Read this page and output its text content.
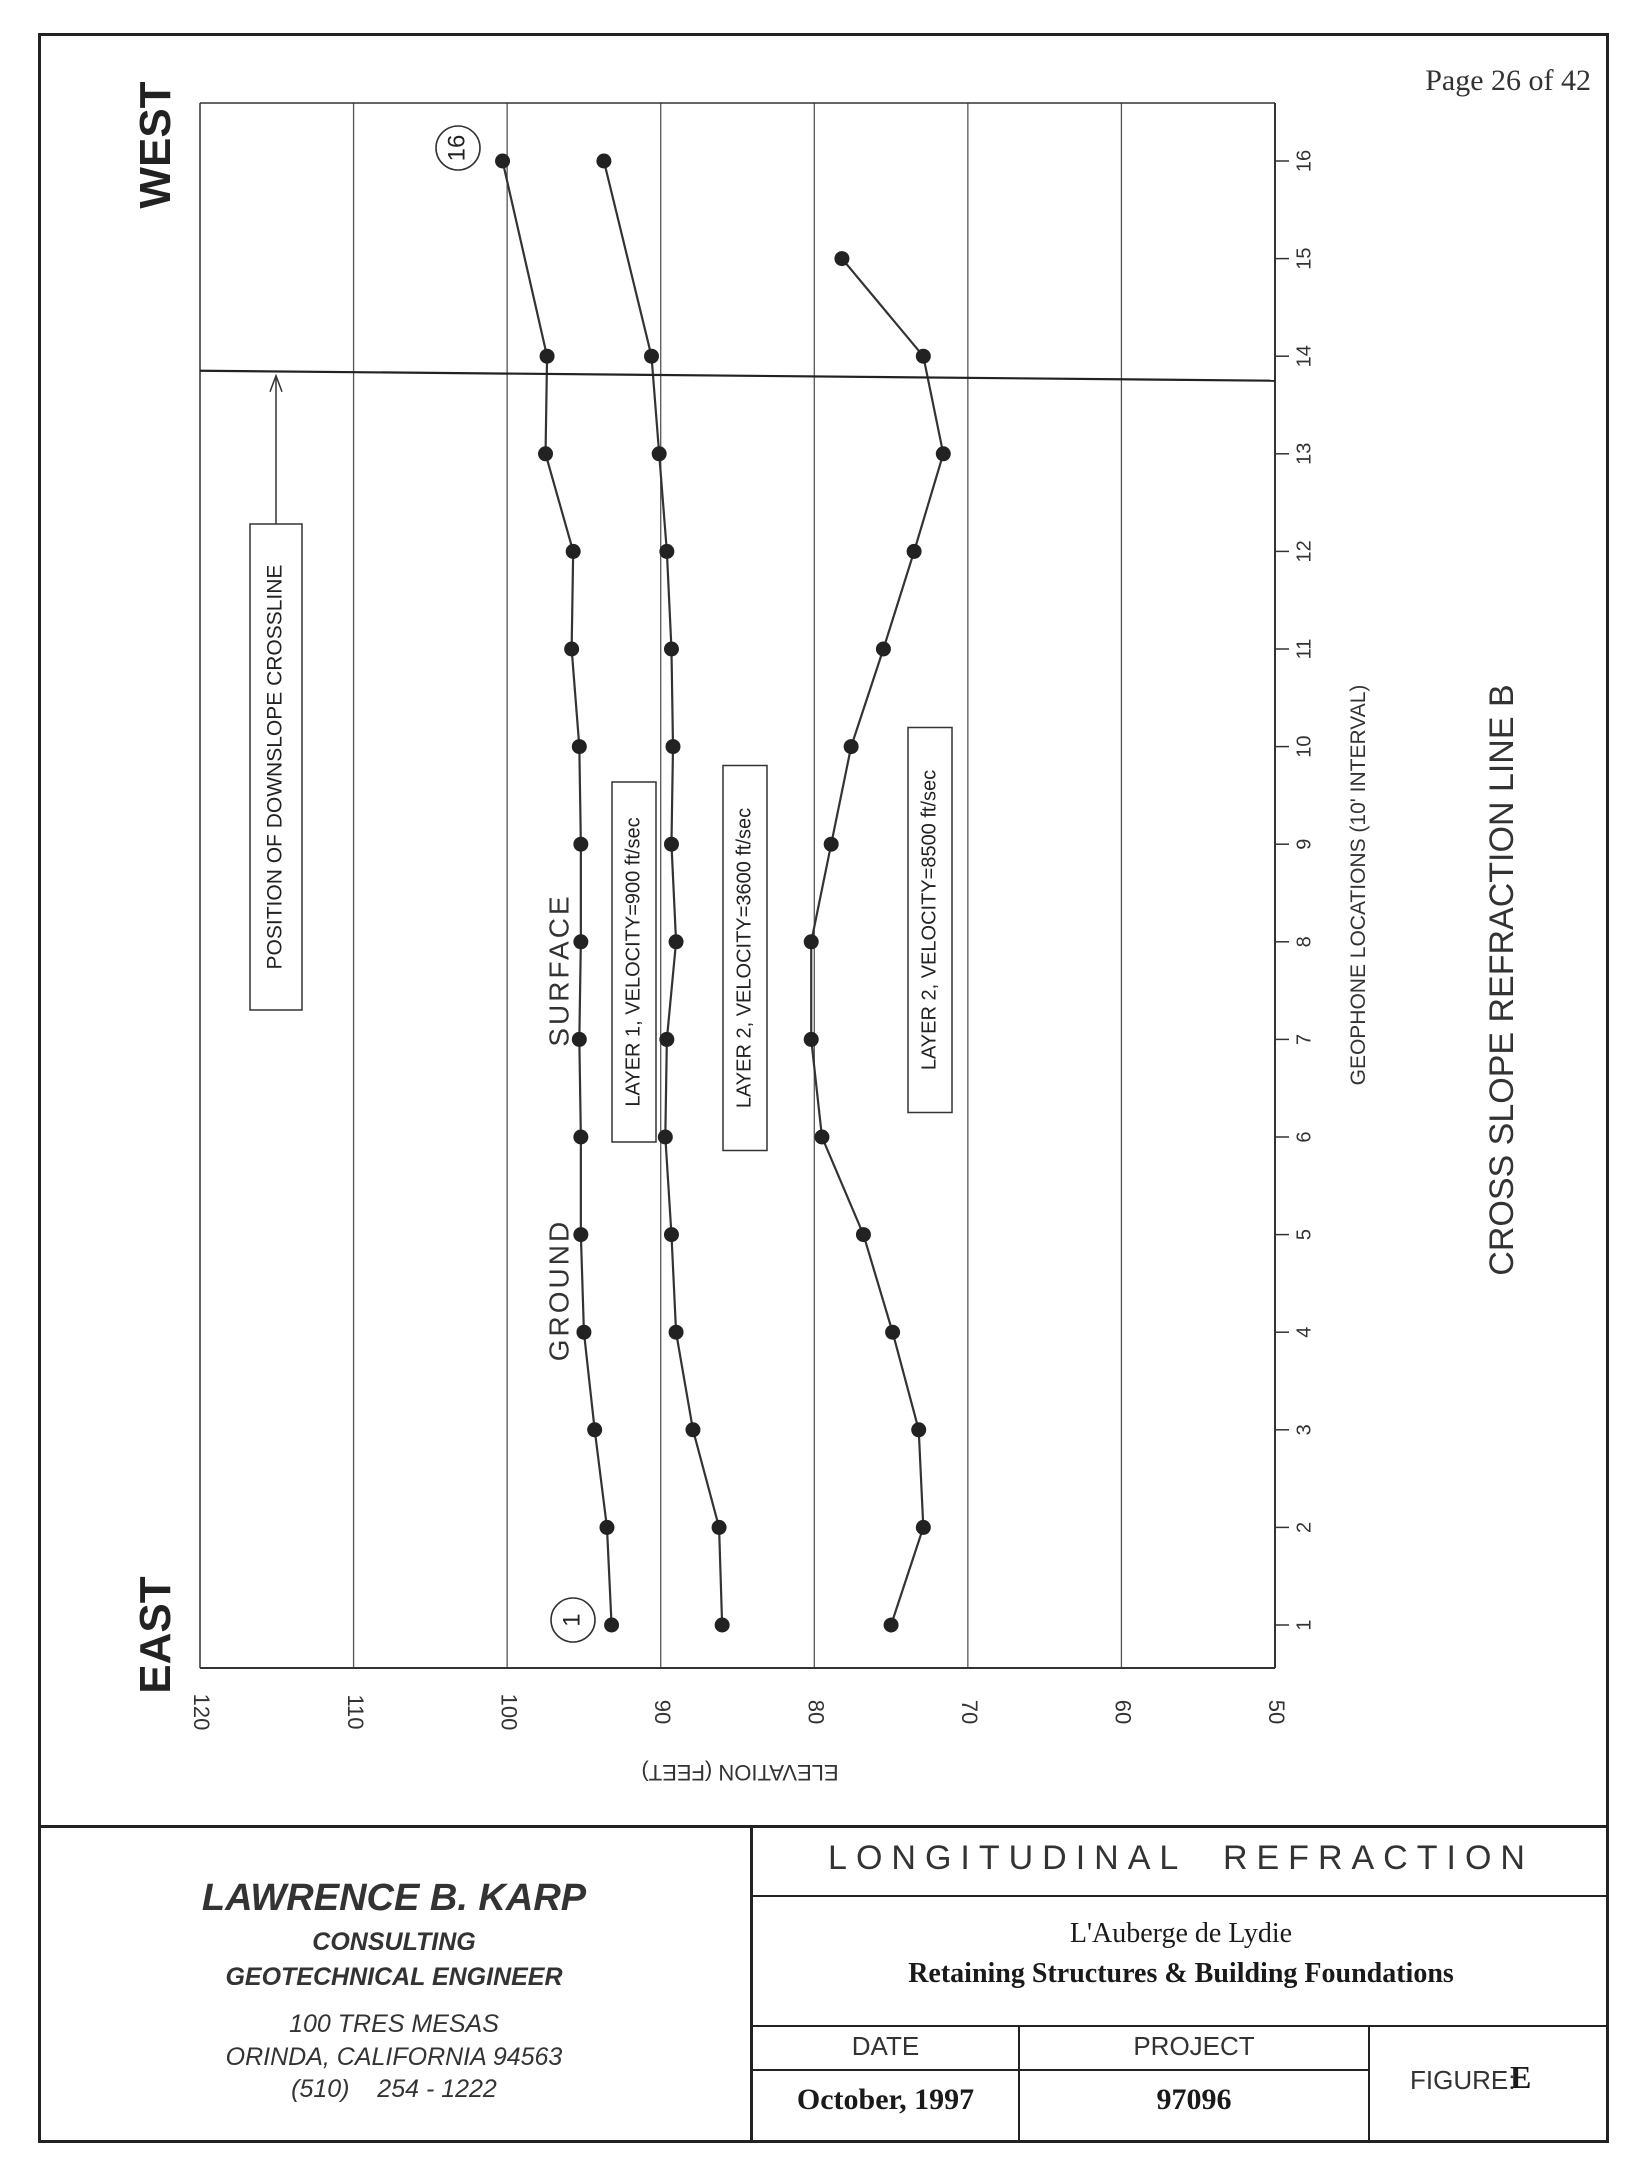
Page 26 of 42
120	110	100	90	80	70	60	50
1
2
3
4
5
6
7
8
9
10
11
12
13
14
15
16
GEOPHONE LOCATIONS (10' INTERVAL)
ELEVATION (FEET)
CROSS SLOPE REFRACTION LINE B
WEST
EAST
POSITION OF DOWNSLOPE CROSSLINE
GROUND
SURFACE LAYER 1, VELOCITY=900 ft/sec	LAYER 2, VELOCITY=3600 ft/sec	LAYER 2, VELOCITY=8500 ft/sec
1
16
LAWRENCE B. KARP
CONSULTING
GEOTECHNICAL ENGINEER
100 TRES MESAS
ORINDA, CALIFORNIA 94563
(510)    254 - 1222
LONGITUDINAL  REFRACTION
L'Auberge de Lydie
Retaining Structures & Building Foundations
DATE
October, 1997
PROJECT
97096
FIGURE:
E
